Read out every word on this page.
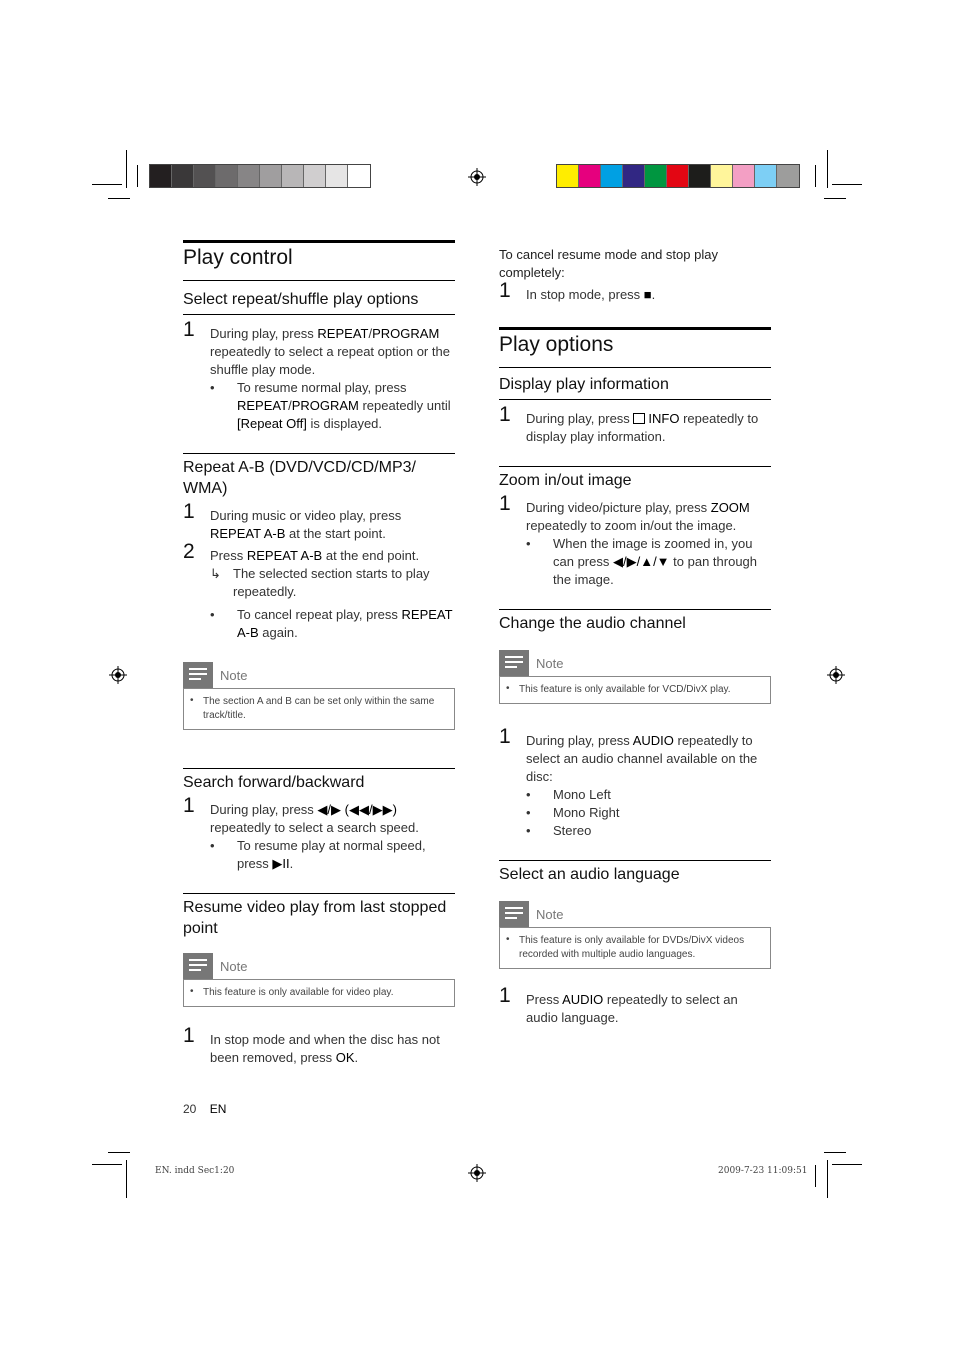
Play control
Select repeat/shuffle play options
1 During play, press REPEAT/PROGRAM repeatedly to select a repeat option or the shuffle play mode.
• To resume normal play, press REPEAT/PROGRAM repeatedly until [Repeat Off] is displayed.
Repeat A-B (DVD/VCD/CD/MP3/ WMA)
1 During music or video play, press REPEAT A-B at the start point.
2 Press REPEAT A-B at the end point.
↳ The selected section starts to play repeatedly.
• To cancel repeat play, press REPEAT A-B again.
Note
• The section A and B can be set only within the same track/title.
Search forward/backward
1 During play, press ◀/▶ (◀◀/▶▶) repeatedly to select a search speed.
• To resume play at normal speed, press ▶II.
Resume video play from last stopped point
Note
• This feature is only available for video play.
1 In stop mode and when the disc has not been removed, press OK.
To cancel resume mode and stop play completely:
1 In stop mode, press ■.
Play options
Display play information
1 During play, press INFO repeatedly to display play information.
Zoom in/out image
1 During video/picture play, press ZOOM repeatedly to zoom in/out the image.
• When the image is zoomed in, you can press ◀/▶/▲/▼ to pan through the image.
Change the audio channel
Note
• This feature is only available for VCD/DivX play.
1 During play, press AUDIO repeatedly to select an audio channel available on the disc:
• Mono Left
• Mono Right
• Stereo
Select an audio language
Note
• This feature is only available for DVDs/DivX videos recorded with multiple audio languages.
1 Press AUDIO repeatedly to select an audio language.
20 EN
EN. indd Sec1:20	2009-7-23 11:09:51
